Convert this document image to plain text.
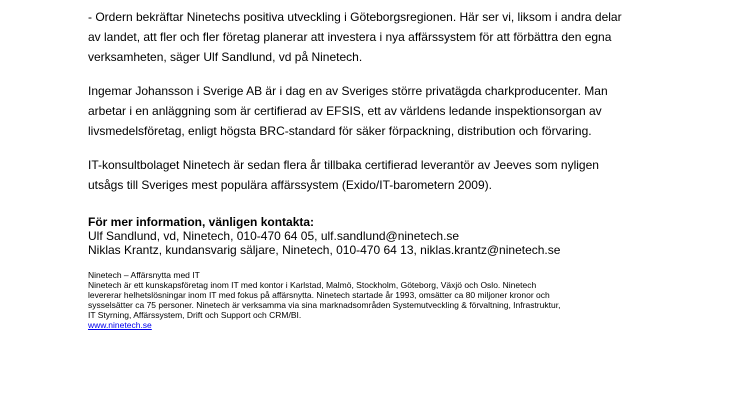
- Ordern bekräftar Ninetechs positiva utveckling i Göteborgsregionen. Här ser vi, liksom i andra delar
av landet, att fler och fler företag planerar att investera i nya affärssystem för att förbättra den egna
verksamheten, säger Ulf Sandlund, vd på Ninetech.

Ingemar Johansson i Sverige AB är i dag en av Sveriges större privatägda charkproducenter. Man
arbetar i en anläggning som är certifierad av EFSIS, ett av världens ledande inspektionsorgan av
livsmedelsföretag, enligt högsta BRC-standard för säker förpackning, distribution och förvaring.

IT-konsultbolaget Ninetech är sedan flera år tillbaka certifierad leverantör av Jeeves som nyligen
utsågs till Sveriges mest populära affärssystem (Exido/IT-barometern 2009).

För mer information, vänligen kontakta:
Ulf Sandlund, vd, Ninetech, 010-470 64 05, ulf.sandlund@ninetech.se
Niklas Krantz, kundansvarig säljare, Ninetech, 010-470 64 13, niklas.krantz@ninetech.se
Ninetech – Affärsnytta med IT
Ninetech är ett kunskapsföretag inom IT med kontor i Karlstad, Malmö, Stockholm, Göteborg, Växjö och Oslo. Ninetech
levererar helhetslösningar inom IT med fokus på affärsnytta. Ninetech startade år 1993, omsätter ca 80 miljoner kronor och
sysselsätter ca 75 personer. Ninetech är verksamma via sina marknadsområden Systemutveckling & förvaltning, Infrastruktur,
IT Styrning, Affärssystem, Drift och Support och CRM/BI.
www.ninetech.se
